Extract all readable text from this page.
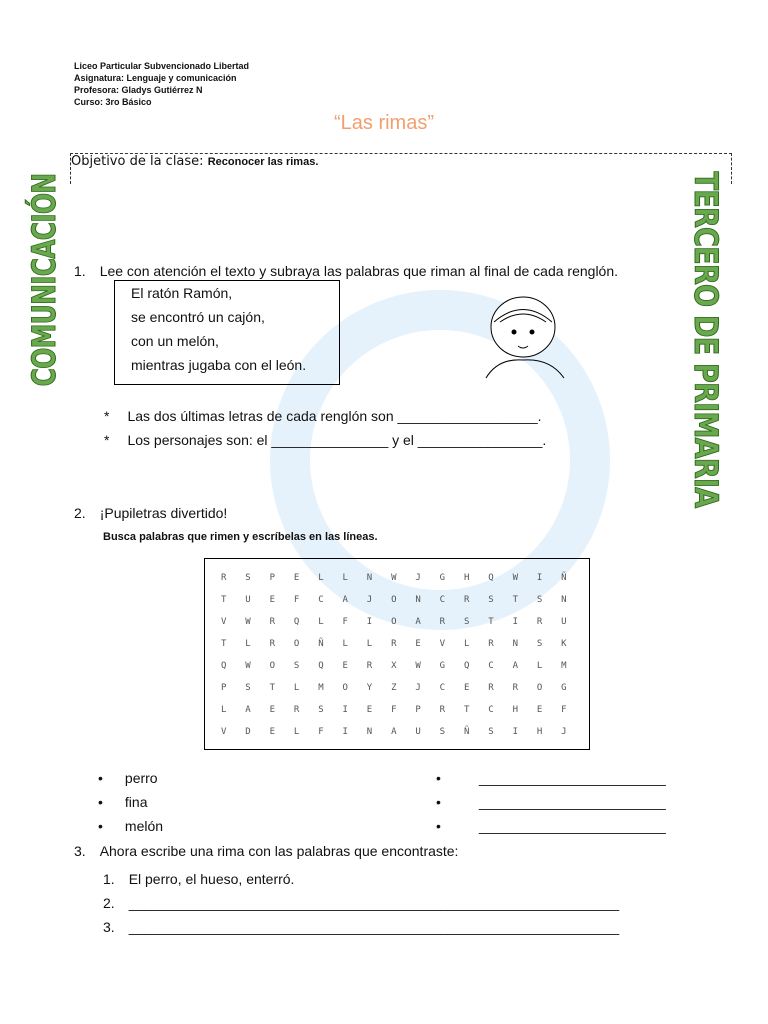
Liceo Particular Subvencionado Libertad
Asignatura: Lenguaje y comunicación
Profesora: Gladys Gutiérrez N
Curso: 3ro Básico
“Las rimas”
Objetivo de la clase: Reconocer las rimas.
COMUNICACIÓN	TERCERO DE PRIMARIA
1. Lee con atención el texto y subraya las palabras que riman al final de cada renglón.
El ratón Ramón,
se encontró un cajón,
con un melón,
mientras jugaba con el león.
* Las dos últimas letras de cada renglón son __________________.
* Los personajes son: el _______________ y el ________________.
2. ¡Pupiletras divertido!
Busca palabras que rimen y escríbelas en las líneas.
R	S	P	E	L	L	N	W	J	G	H	Q	W	I	Ñ
T	U	E	F	C	A	J	O	N	C	R	S	T	S	N
V	W	R	Q	L	F	I	O	A	R	S	T	I	R	U
T	L	R	O	Ñ	L	L	R	E	V	L	R	N	S	K
Q	W	O	S	Q	E	R	X	W	G	Q	C	A	L	M
P	S	T	L	M	O	Y	Z	J	C	E	R	R	O	G
L	A	E	R	S	I	E	F	P	R	T	C	H	E	F
V	D	E	L	F	I	N	A	U	S	Ñ	S	I	H	J
• perro
• fina
• melón
•	________________________
•	________________________
•	________________________
3. Ahora escribe una rima con las palabras que encontraste:
1. El perro, el hueso, enterró.
2. _______________________________________________________________
3. _______________________________________________________________
